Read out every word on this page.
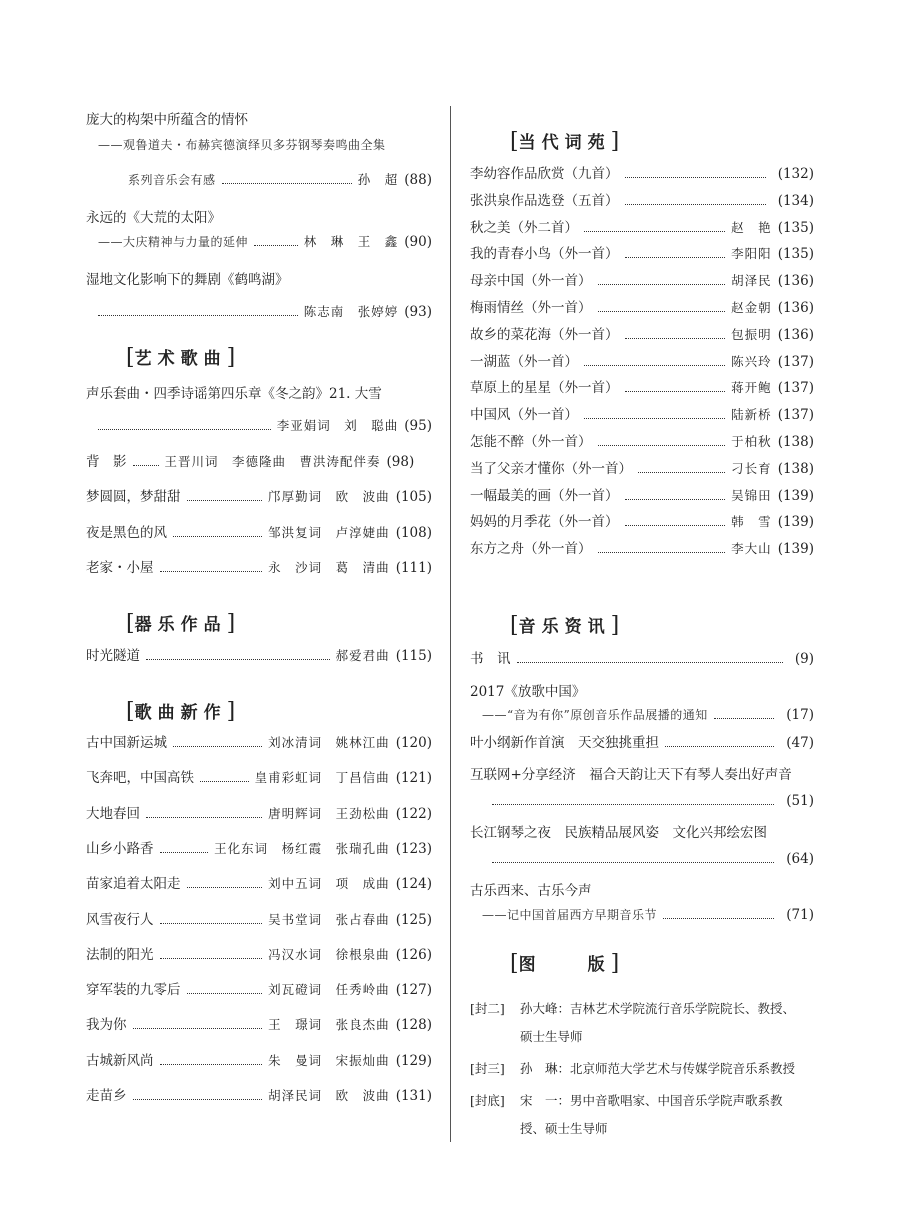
庞大的构架中所蕴含的情怀
——观鲁道夫・布赫宾德演绎贝多芬钢琴奏鸣曲全集
系列音乐会有感	孙　超 (88)
永远的《大荒的太阳》
——大庆精神与力量的延伸	林　琳　王　鑫 (90)
湿地文化影响下的舞剧《鹤鸣湖》
陈志南　张婷婷 (93)
[艺术歌曲]
声乐套曲・四季诗谣第四乐章《冬之韵》21. 大雪
李亚娟词　刘　聪曲 (95)
背　影	王晋川词　李德隆曲　曹洪涛配伴奏 (98)
梦圆圆，梦甜甜	邝厚勤词　欧　波曲 (105)
夜是黑色的风	邹洪复词　卢淳婕曲 (108)
老家・小屋	永　沙词　葛　清曲 (111)
[器乐作品]
时光隧道	郝爱君曲 (115)
[歌曲新作]
古中国新运城	刘冰清词　姚林江曲 (120)
飞奔吧，中国高铁	皇甫彩虹词　丁昌信曲 (121)
大地春回	唐明辉词　王劲松曲 (122)
山乡小路香	王化东词　杨红霞　张瑞孔曲 (123)
苗家追着太阳走	刘中五词　项　成曲 (124)
风雪夜行人	吴书堂词　张占春曲 (125)
法制的阳光	冯汉水词　徐根泉曲 (126)
穿军装的九零后	刘瓦磴词　任秀岭曲 (127)
我为你	王　璟词　张良杰曲 (128)
古城新风尚	朱　曼词　宋振灿曲 (129)
走苗乡	胡泽民词　欧　波曲 (131)
[当代词苑]
李幼容作品欣赏（九首）	(132)
张洪泉作品选登（五首）	(134)
秋之美（外二首）	赵　艳 (135)
我的青春小鸟（外一首）	李阳阳 (135)
母亲中国（外一首）	胡泽民 (136)
梅雨情丝（外一首）	赵金朝 (136)
故乡的菜花海（外一首）	包振明 (136)
一湖蓝（外一首）	陈兴玲 (137)
草原上的星星（外一首）	蒋开鲍 (137)
中国风（外一首）	陆新桥 (137)
怎能不醉（外一首）	于柏秋 (138)
当了父亲才懂你（外一首）	刁长育 (138)
一幅最美的画（外一首）	吴锦田 (139)
妈妈的月季花（外一首）	韩　雪 (139)
东方之舟（外一首）	李大山 (139)
[音乐资讯]
书　讯	(9)
2017《放歌中国》
——“音为有你”原创音乐作品展播的通知	(17)
叶小纲新作首演　天交独挑重担	(47)
互联网+分享经济　福合天韵让天下有琴人奏出好声音
(51)
长江钢琴之夜　民族精品展风姿　文化兴邦绘宏图
(64)
古乐西来、古乐今声
——记中国首届西方早期音乐节	(71)
[图　　版]
[封二] 孙大峰：吉林艺术学院流行音乐学院院长、教授、
硕士生导师
[封三] 孙　琳：北京师范大学艺术与传媒学院音乐系教授
[封底] 宋　一：男中音歌唱家、中国音乐学院声歌系教
授、硕士生导师
